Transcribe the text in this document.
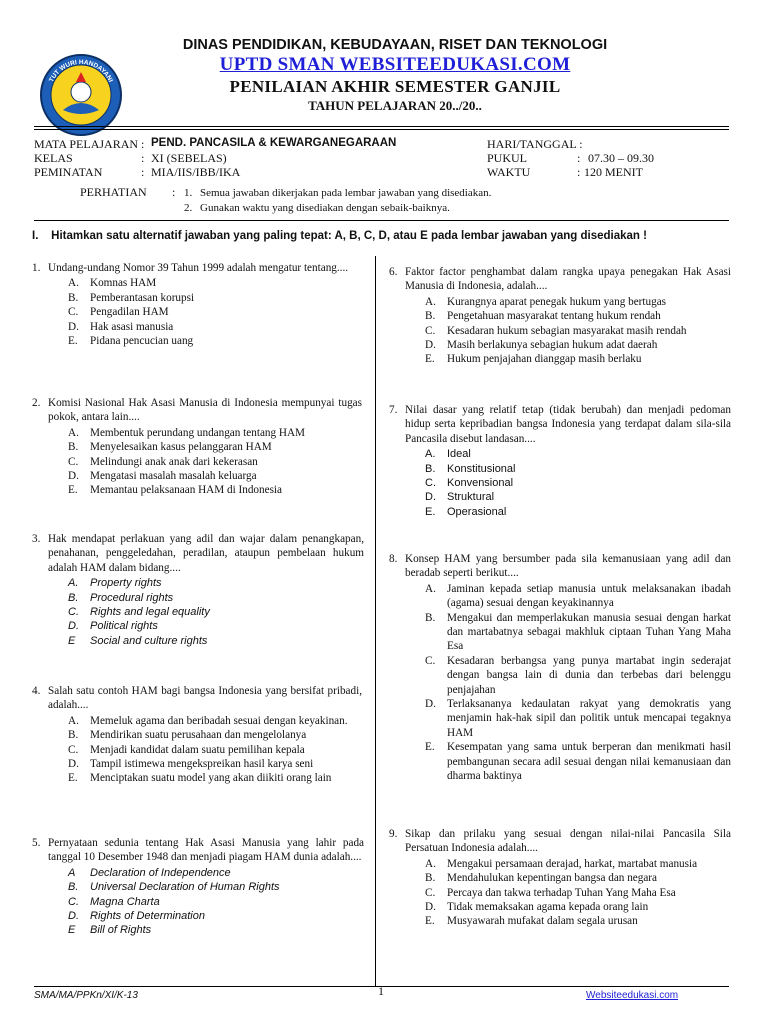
TUT WURI HANDAYANI
DINAS PENDIDIKAN, KEBUDAYAAN, RISET DAN TEKNOLOGI
UPTD SMAN WEBSITEEDUKASI.COM
PENILAIAN AKHIR SEMESTER GANJIL
TAHUN PELAJARAN 20../20..
MATA PELAJARAN : PEND. PANCASILA & KEWARGANEGARAAN
KELAS	: XI (SEBELAS)
PEMINATAN	: MIA/IIS/IBB/IKA
HARI/TANGGAL :
PUKUL	: 07.30 – 09.30
WAKTU	: 120 MENIT
PERHATIAN : 1. Semua jawaban dikerjakan pada lembar jawaban yang disediakan.
2. Gunakan waktu yang disediakan dengan sebaik-baiknya.
I. Hitamkan satu alternatif jawaban yang paling tepat: A, B, C, D, atau E pada lembar jawaban yang disediakan !
1. Undang-undang Nomor 39 Tahun 1999 adalah mengatur tentang....
A. Komnas HAM
B.	Pemberantasan korupsi
C.	Pengadilan HAM
D. Hak asasi manusia
E.	Pidana pencucian uang
2. Komisi Nasional Hak Asasi Manusia di Indonesia mempunyai tugas pokok, antara lain....
A. Membentuk perundang undangan tentang HAM
B.	Menyelesaikan kasus pelanggaran HAM
C.	Melindungi anak anak dari kekerasan
D. Mengatasi masalah masalah keluarga
E.	Memantau pelaksanaan HAM di Indonesia
3. Hak mendapat perlakuan yang adil dan wajar dalam penangkapan, penahanan, penggeledahan, peradilan, ataupun pembelaan hukum adalah HAM dalam bidang....
A.	Property rights
B.	Procedural rights
C.	Rights and legal equality
D.	Political rights
E	Social and culture rights
4. Salah satu contoh HAM bagi bangsa Indonesia yang bersifat pribadi, adalah....
A. Memeluk agama dan beribadah sesuai dengan keyakinan.
B.	Mendirikan suatu perusahaan dan mengelolanya
C.	Menjadi kandidat dalam suatu pemilihan kepala
D. Tampil istimewa mengekspreikan hasil karya seni
E.	Menciptakan suatu model yang akan diikiti orang lain
5. Pernyataan sedunia tentang Hak Asasi Manusia yang lahir pada tanggal 10 Desember 1948 dan menjadi piagam HAM dunia adalah....
A	Declaration of Independence
B.	Universal Declaration of Human Rights
C.	Magna Charta
D.	Rights of Determination
E	Bill of Rights
6. Faktor factor penghambat dalam rangka upaya penegakan Hak Asasi Manusia di Indonesia, adalah....
A. Kurangnya aparat penegak hukum yang bertugas
B.	Pengetahuan masyarakat tentang hukum rendah
C.	Kesadaran hukum sebagian masyarakat masih rendah
D. Masih berlakunya sebagian hukum adat daerah
E.	Hukum penjajahan dianggap masih berlaku
7. Nilai dasar yang relatif tetap (tidak berubah) dan menjadi pedoman hidup serta kepribadian bangsa Indonesia yang terdapat dalam sila-sila Pancasila disebut landasan....
A.	Ideal
B.	Konstitusional
C.	Konvensional
D.	Struktural
E.	Operasional
8. Konsep HAM yang bersumber pada sila kemanusiaan yang adil dan beradab seperti berikut....
A. Jaminan kepada setiap manusia untuk melaksanakan ibadah (agama) sesuai dengan keyakinannya
B.	Mengakui dan memperlakukan manusia sesuai dengan harkat dan martabatnya sebagai makhluk ciptaan Tuhan Yang Maha Esa
C.	Kesadaran berbangsa yang punya martabat ingin sederajat dengan bangsa lain di dunia dan terbebas dari belenggu penjajahan
D. Terlaksananya kedaulatan rakyat yang demokratis yang menjamin hak-hak sipil dan politik untuk mencapai tegaknya HAM
E.	Kesempatan yang sama untuk berperan dan menikmati hasil pembangunan secara adil sesuai dengan nilai kemanusiaan dan dharma baktinya
9. Sikap dan prilaku yang sesuai dengan nilai-nilai Pancasila Sila Persatuan Indonesia adalah....
A. Mengakui persamaan derajad, harkat, martabat manusia
B.	Mendahulukan kepentingan bangsa dan negara
C.	Percaya dan takwa terhadap Tuhan Yang Maha Esa
D. Tidak memaksakan agama kepada orang lain
E.	Musyawarah mufakat dalam segala urusan
SMA/MA/PPKn/XI/K-13	1	Websiteedukasi.com
